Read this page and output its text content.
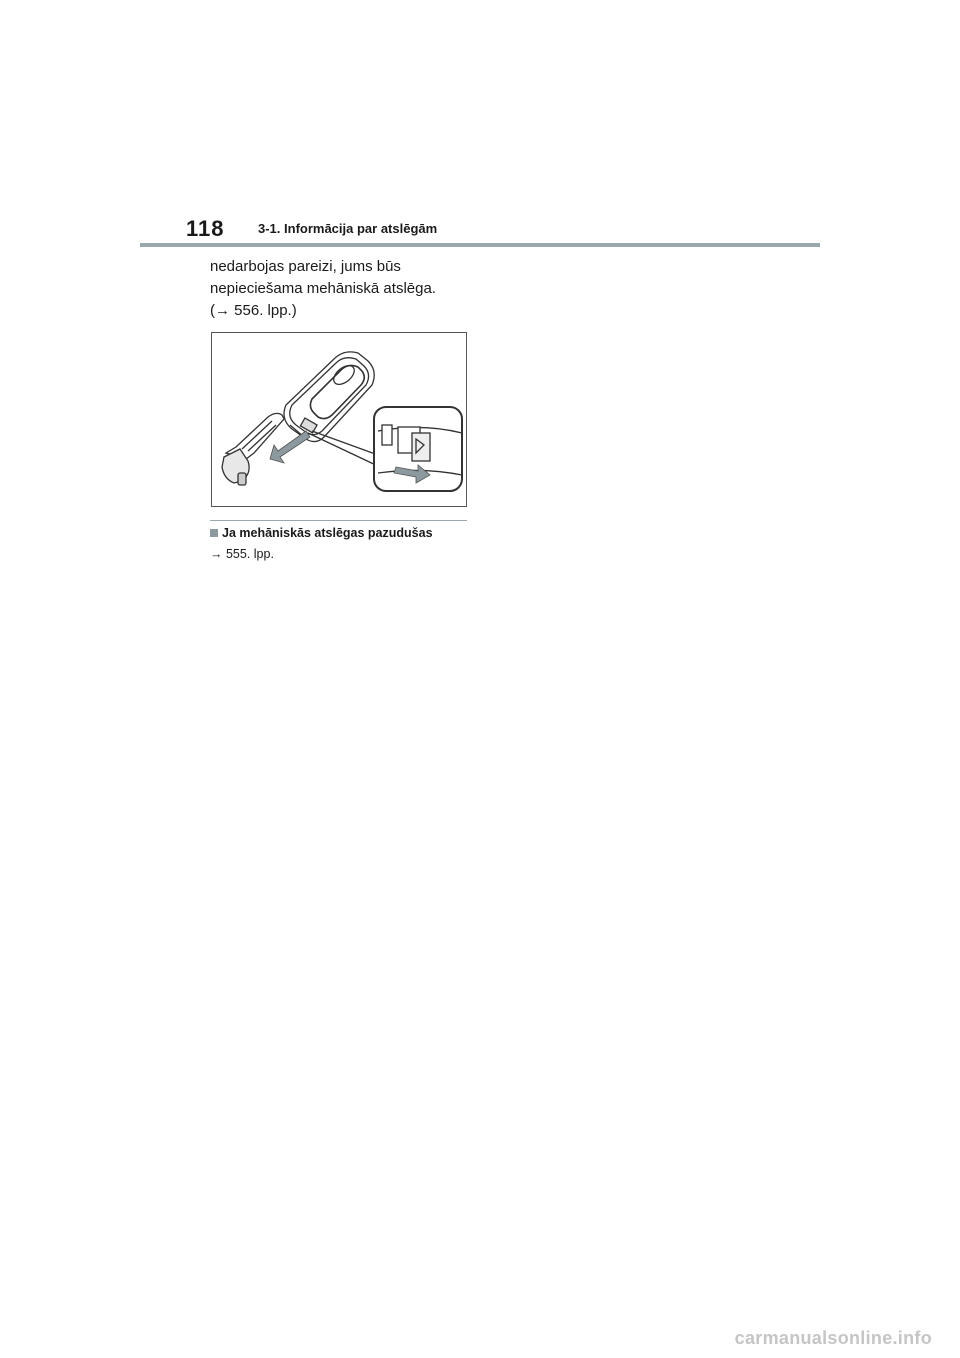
118	3-1. Informācija par atslēgām

nedarbojas pareizi, jums būs

nepieciešama mehāniskā atslēga.

(→ 556. lpp.)

Ja mehāniskās atslēgas pazudušas
→ 555. lpp.
carmanualsonline.info
